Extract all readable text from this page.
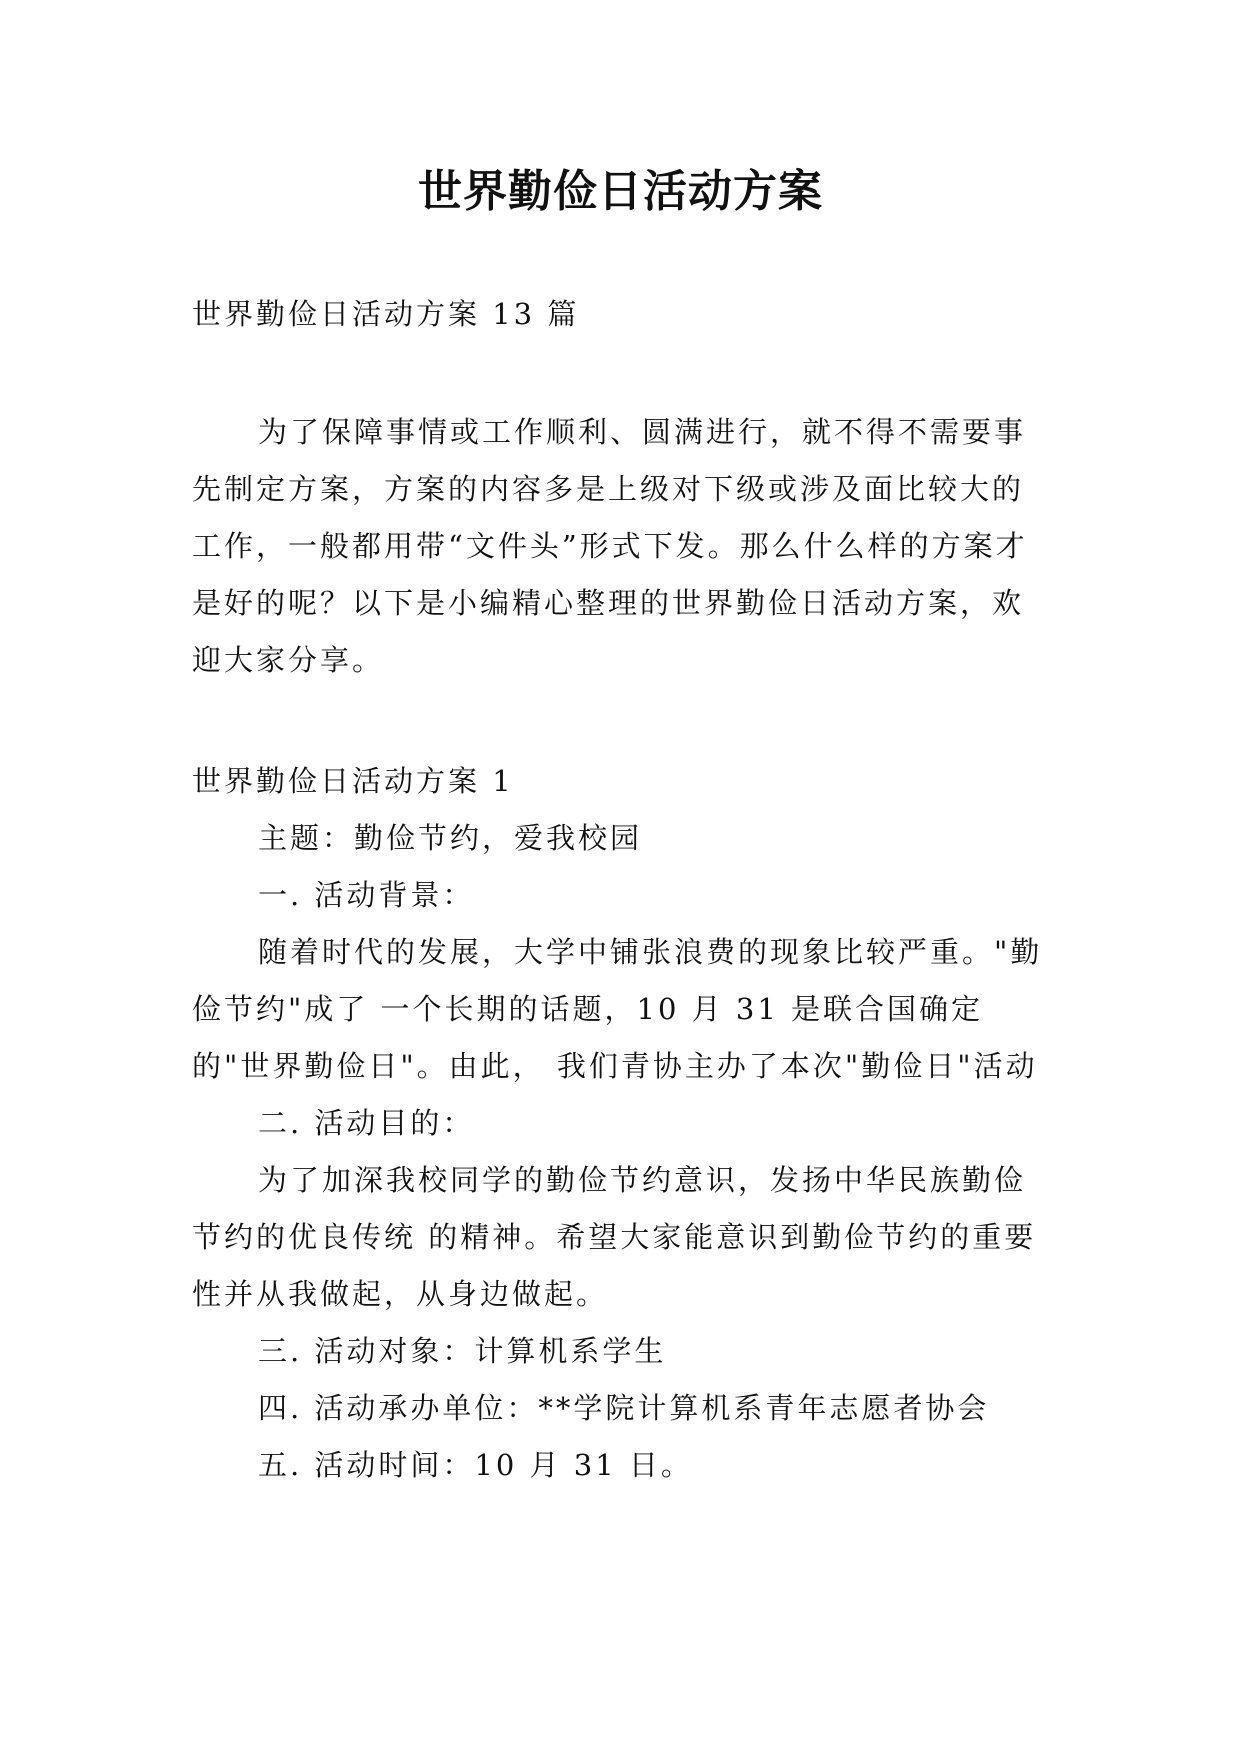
世界勤俭日活动方案

世界勤俭日活动方案 13 篇

为了保障事情或工作顺利、圆满进行，就不得不需要事先制定方案，方案的内容多是上级对下级或涉及面比较大的工作，一般都用带“文件头”形式下发。那么什么样的方案才是好的呢？以下是小编精心整理的世界勤俭日活动方案，欢迎大家分享。

世界勤俭日活动方案 1

主题：勤俭节约，爱我校园

一. 活动背景：

随着时代的发展，大学中铺张浪费的现象比较严重。"勤俭节约"成了 一个长期的话题，10 月 31 是联合国确定的"世界勤俭日"。由此， 我们青协主办了本次"勤俭日"活动

二. 活动目的：

为了加深我校同学的勤俭节约意识，发扬中华民族勤俭节约的优良传统 的精神。希望大家能意识到勤俭节约的重要性并从我做起，从身边做起。

三. 活动对象：计算机系学生

四. 活动承办单位：**学院计算机系青年志愿者协会

五. 活动时间：10 月 31 日。
